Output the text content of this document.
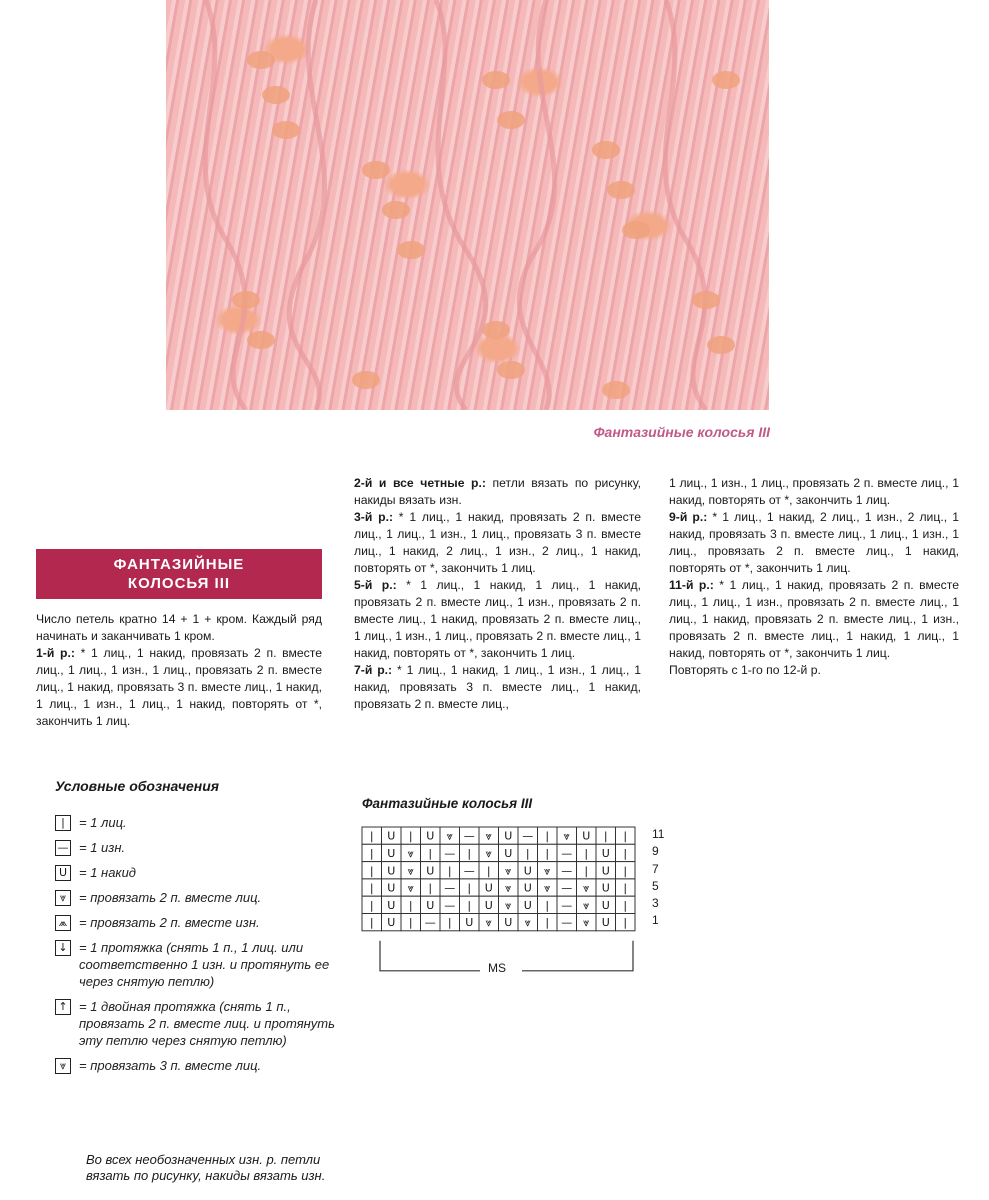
Фантазийные колосья III
ФАНТАЗИЙНЫЕ
КОЛОСЬЯ III

Число петель кратно 14 + 1 + кром. Каждый ряд начинать и заканчивать 1 кром.

1-й р.: * 1 лиц., 1 накид, провязать 2 п. вместе лиц., 1 лиц., 1 изн., 1 лиц., провязать 2 п. вместе лиц., 1 накид, провязать 3 п. вместе лиц., 1 накид, 1 лиц., 1 изн., 1 лиц., 1 накид, повторять от *, закончить 1 лиц.

2-й и все четные р.: петли вязать по рисунку, накиды вязать изн.

3-й р.: * 1 лиц., 1 накид, провязать 2 п. вместе лиц., 1 лиц., 1 изн., 1 лиц., провязать 3 п. вместе лиц., 1 накид, 2 лиц., 1 изн., 2 лиц., 1 накид, повторять от *, закончить 1 лиц.

5-й р.: * 1 лиц., 1 накид, 1 лиц., 1 накид, провязать 2 п. вместе лиц., 1 изн., провязать 2 п. вместе лиц., 1 накид, провязать 2 п. вместе лиц., 1 лиц., 1 изн., 1 лиц., провязать 2 п. вместе лиц., 1 накид, повторять от *, закончить 1 лиц.

7-й р.: * 1 лиц., 1 накид, 1 лиц., 1 изн., 1 лиц., 1 накид, провязать 3 п. вместе лиц., 1 накид, провязать 2 п. вместе лиц.,

1 лиц., 1 изн., 1 лиц., провязать 2 п. вместе лиц., 1 накид, повторять от *, закончить 1 лиц.

9-й р.: * 1 лиц., 1 накид, 2 лиц., 1 изн., 2 лиц., 1 накид, провязать 3 п. вместе лиц., 1 лиц., 1 изн., 1 лиц., провязать 2 п. вместе лиц., 1 накид, повторять от *, закончить 1 лиц.

11-й р.: * 1 лиц., 1 накид, провязать 2 п. вместе лиц., 1 лиц., 1 изн., провязать 2 п. вместе лиц., 1 лиц., 1 накид, провязать 2 п. вместе лиц., 1 изн., провязать 2 п. вместе лиц., 1 накид, 1 лиц., 1 накид, повторять от *, закончить 1 лиц.

Повторять с 1-го по 12-й р.

Условные обозначения
|	= 1 лиц.
— = 1 изн.
U = 1 накид
⩔ = провязать 2 п. вместе лиц.
⩕ = провязать 2 п. вместе изн.
↓ = 1 протяжка (снять 1 п., 1 лиц. или соответственно 1 изн. и протянуть ее через снятую петлю)
↑ = 1 двойная протяжка (снять 1 п., провязать 2 п. вместе лиц. и протянуть эту петлю через снятую петлю)
⩔ = провязать 3 п. вместе лиц.
Во всех необозначенных изн. р. петли вязать по рисунку, накиды вязать изн.
Фантазийные колосья III
| U | U ⩔ — ⩔ U — | ⩔ U | |
| U ⩔ | — | ⩔ U | | — | U |
| U ⩔ U | — | ⩔ U ⩔ — | U |
| U ⩔ | — | U ⩔ U ⩔ — ⩔ U |
| U | U — | U ⩔ U | — ⩔ U |
| U | — | U ⩔ U ⩔ | — ⩔ U |
11
9
7
5
3
1
MS
